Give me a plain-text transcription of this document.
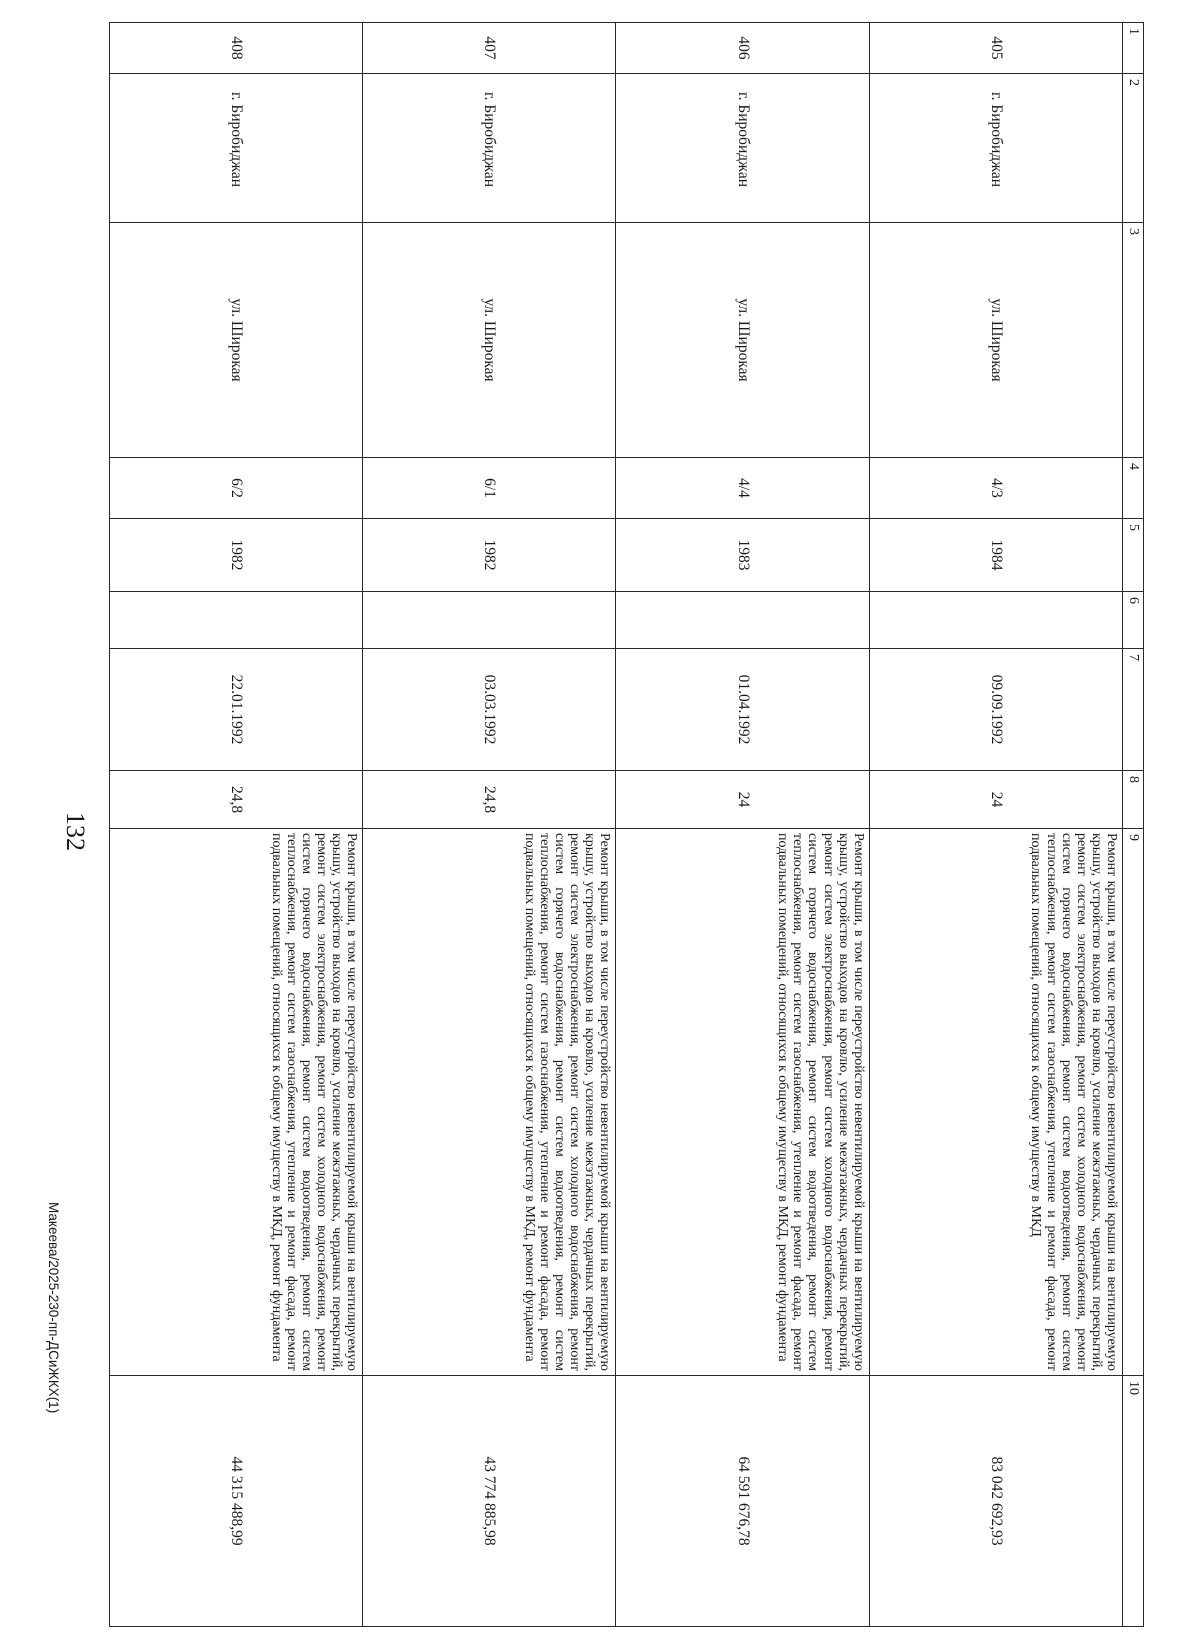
132
1	2	3	4	5	6	7	8	9	10
405	г. Биробиджан	ул. Широкая	4/3	1984		09.09.1992	24	Ремонт крыши, в том числе переустройство невентилируемой крыши на вентилируемую крышу, устройство выходов на кровлю, усиление межэтажных, чердачных перекрытий, ремонт систем электроснабжения, ремонт систем холодного водоснабжения, ремонт систем горячего водоснабжения, ремонт систем водоотведения, ремонт систем теплоснабжения, ремонт систем газоснабжения, утепление и ремонт фасада, ремонт подвальных помещений, относящихся к общему имуществу в МКД	83 042 692,93
406	г. Биробиджан	ул. Широкая	4/4	1983		01.04.1992	24	Ремонт крыши, в том числе переустройство невентилируемой крыши на вентилируемую крышу, устройство выходов на кровлю, усиление межэтажных, чердачных перекрытий, ремонт систем электроснабжения, ремонт систем холодного водоснабжения, ремонт систем горячего водоснабжения, ремонт систем водоотведения, ремонт систем теплоснабжения, ремонт систем газоснабжения, утепление и ремонт фасада, ремонт подвальных помещений, относящихся к общему имуществу в МКД, ремонт фундамента	64 591 676,78
407	г. Биробиджан	ул. Широкая	6/1	1982		03.03.1992	24,8	Ремонт крыши, в том числе переустройство невентилируемой крыши на вентилируемую крышу, устройство выходов на кровлю, усиление межэтажных, чердачных перекрытий, ремонт систем электроснабжения, ремонт систем холодного водоснабжения, ремонт систем горячего водоснабжения, ремонт систем водоотведения, ремонт систем теплоснабжения, ремонт систем газоснабжения, утепление и ремонт фасада, ремонт подвальных помещений, относящихся к общему имуществу в МКД, ремонт фундамента	43 774 885,98
408	г. Биробиджан	ул. Широкая	6/2	1982		22.01.1992	24,8	Ремонт крыши, в том числе переустройство невентилируемой крыши на вентилируемую крышу, устройство выходов на кровлю, усиление межэтажных, чердачных перекрытий, ремонт систем электроснабжения, ремонт систем холодного водоснабжения, ремонт систем горячего водоснабжения, ремонт систем водоотведения, ремонт систем теплоснабжения, ремонт систем газоснабжения, утепление и ремонт фасада, ремонт подвальных помещений, относящихся к общему имуществу в МКД, ремонт фундамента	44 315 488,99
Макеева/2025-230-пп-ДСиЖКХ(1)
